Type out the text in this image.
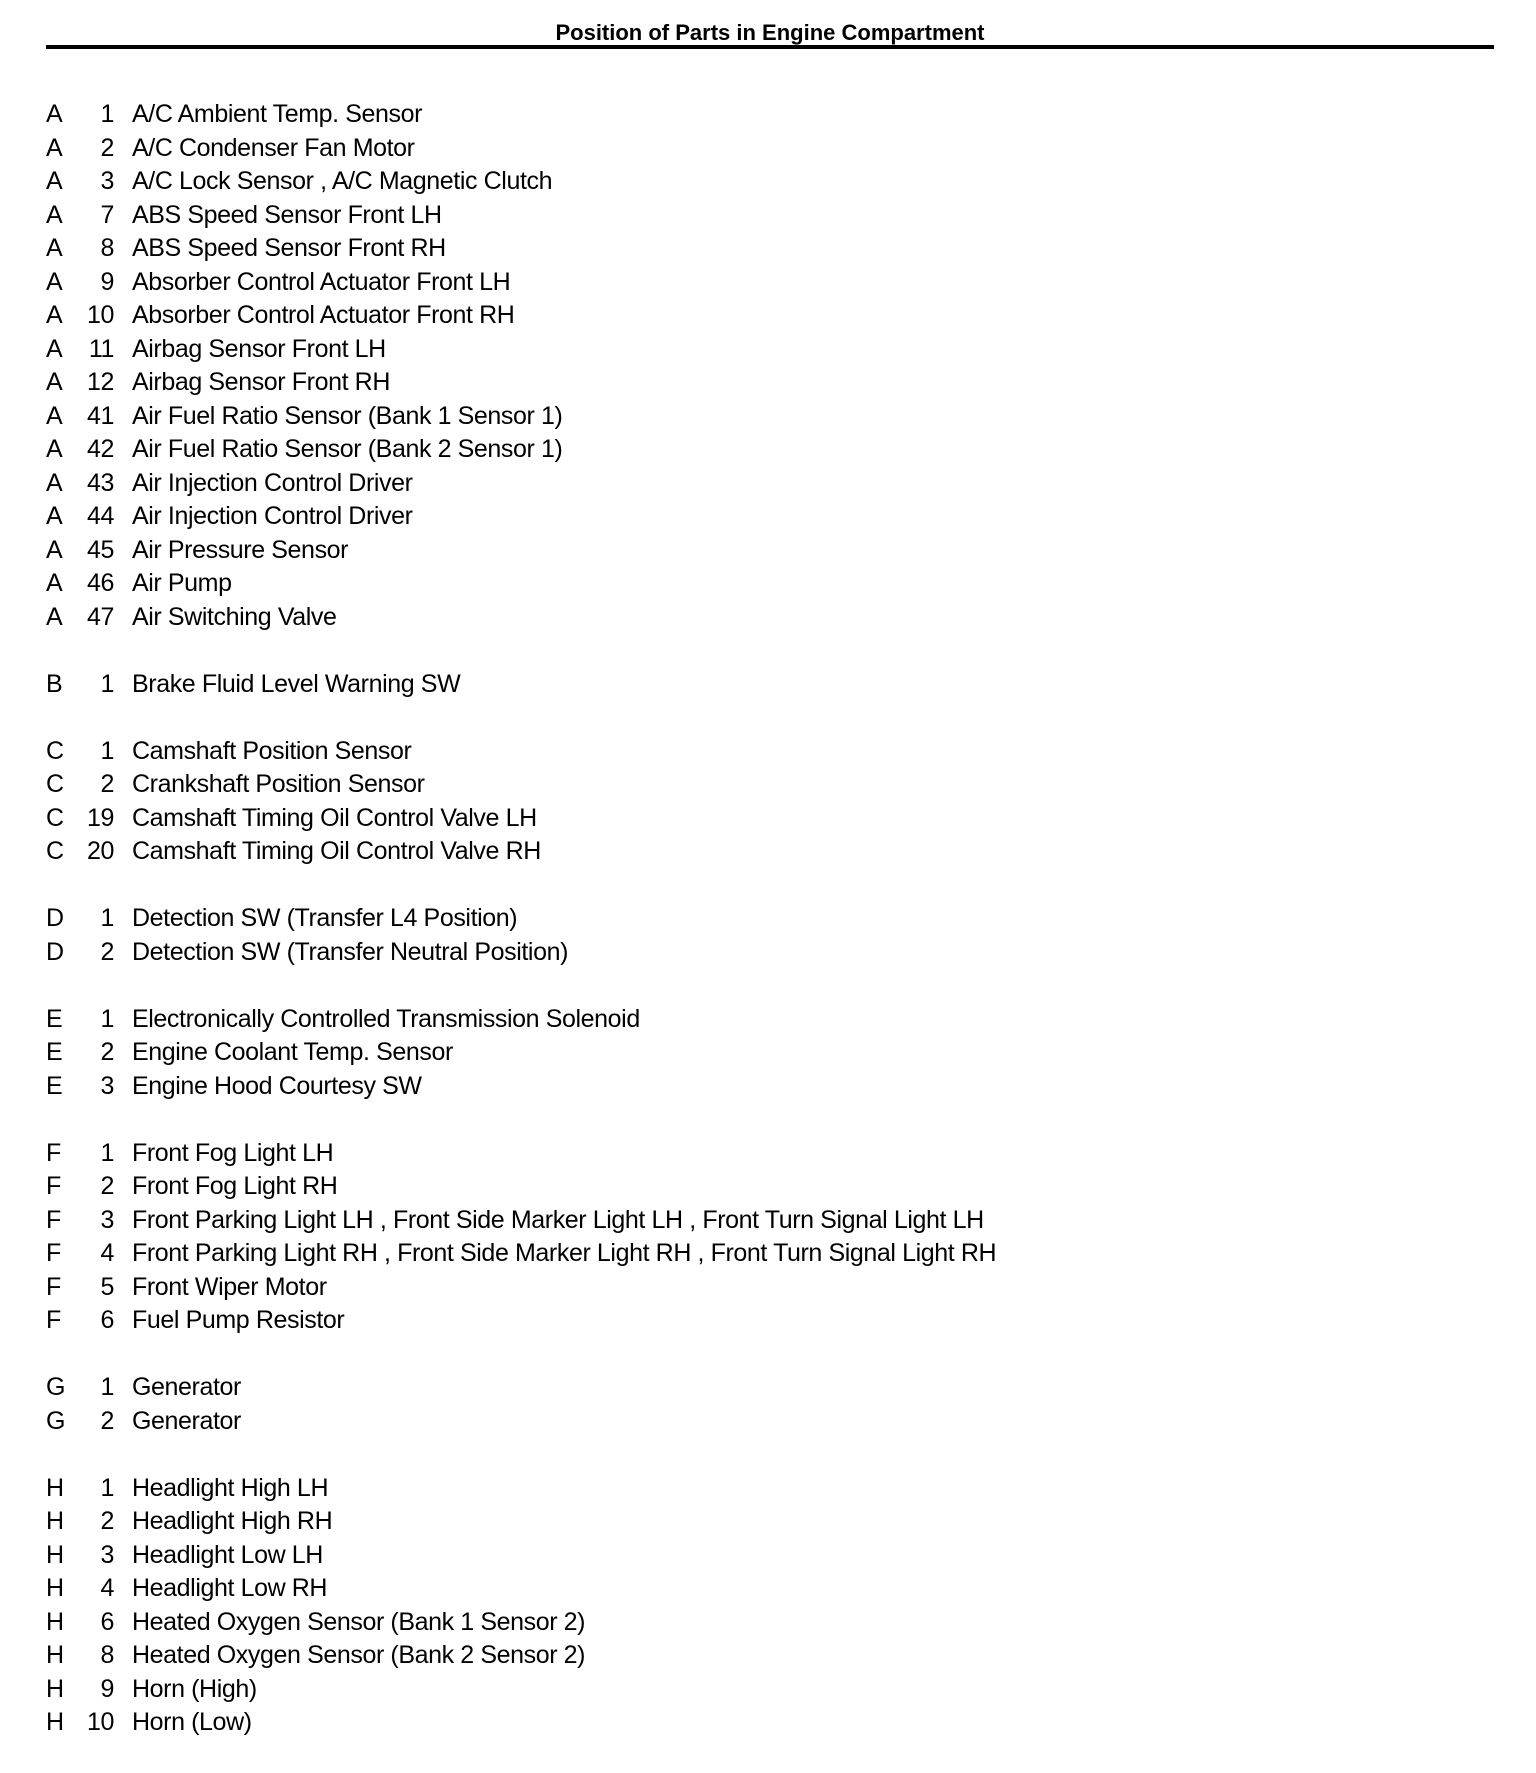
Position of Parts in Engine Compartment
A 1 A/C Ambient Temp. Sensor
A 2 A/C Condenser Fan Motor
A 3 A/C Lock Sensor , A/C Magnetic Clutch
A 7 ABS Speed Sensor Front LH
A 8 ABS Speed Sensor Front RH
A 9 Absorber Control Actuator Front LH
A 10 Absorber Control Actuator Front RH
A 11 Airbag Sensor Front LH
A 12 Airbag Sensor Front RH
A 41 Air Fuel Ratio Sensor (Bank 1 Sensor 1)
A 42 Air Fuel Ratio Sensor (Bank 2 Sensor 1)
A 43 Air Injection Control Driver
A 44 Air Injection Control Driver
A 45 Air Pressure Sensor
A 46 Air Pump
A 47 Air Switching Valve
B 1 Brake Fluid Level Warning SW
C 1 Camshaft Position Sensor
C 2 Crankshaft Position Sensor
C 19 Camshaft Timing Oil Control Valve LH
C 20 Camshaft Timing Oil Control Valve RH
D 1 Detection SW (Transfer L4 Position)
D 2 Detection SW (Transfer Neutral Position)
E 1 Electronically Controlled Transmission Solenoid
E 2 Engine Coolant Temp. Sensor
E 3 Engine Hood Courtesy SW
F 1 Front Fog Light LH
F 2 Front Fog Light RH
F 3 Front Parking Light LH , Front Side Marker Light LH , Front Turn Signal Light LH
F 4 Front Parking Light RH , Front Side Marker Light RH , Front Turn Signal Light RH
F 5 Front Wiper Motor
F 6 Fuel Pump Resistor
G 1 Generator
G 2 Generator
H 1 Headlight High LH
H 2 Headlight High RH
H 3 Headlight Low LH
H 4 Headlight Low RH
H 6 Heated Oxygen Sensor (Bank 1 Sensor 2)
H 8 Heated Oxygen Sensor (Bank 2 Sensor 2)
H 9 Horn (High)
H 10 Horn (Low)
